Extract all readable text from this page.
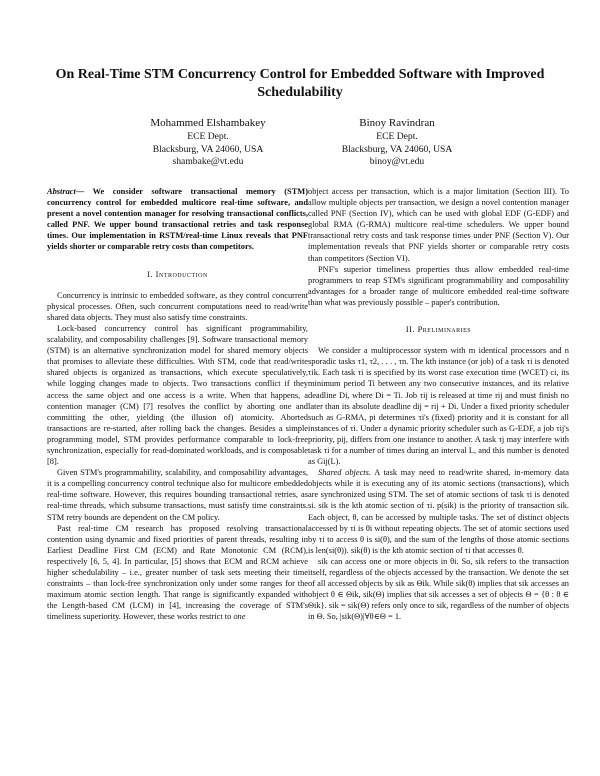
On Real-Time STM Concurrency Control for Embedded Software with Improved Schedulability
Mohammed Elshambakey
ECE Dept.
Blacksburg, VA 24060, USA
shambake@vt.edu
Binoy Ravindran
ECE Dept.
Blacksburg, VA 24060, USA
binoy@vt.edu

Abstract— We consider software transactional memory (STM) concurrency control for embedded multicore real-time software, and present a novel contention manager for resolving transactional conflicts, called PNF. We upper bound transactional retries and task response times. Our implementation in RSTM/real-time Linux reveals that PNF yields shorter or comparable retry costs than competitors.

I. Introduction

Concurrency is intrinsic to embedded software, as they control concurrent physical processes. Often, such concurrent computations need to read/write shared data objects. They must also satisfy time constraints.

Lock-based concurrency control has significant programmability, scalability, and composability challenges [9]. Software transactional memory (STM) is an alternative synchronization model for shared memory objects that promises to alleviate these difficulties. With STM, code that read/write shared objects is organized as transactions, which execute speculatively, while logging changes made to objects. Two transactions conflict if they access the same object and one access is a write. When that happens, a contention manager (CM) [7] resolves the conflict by aborting one and committing the other, yielding (the illusion of) atomicity. Aborted transactions are re-started, after rolling back the changes. Besides a simple programming model, STM provides performance comparable to lock-free synchronization, especially for read-dominated workloads, and is composable [8].

Given STM's programmability, scalability, and composability advantages, it is a compelling concurrency control technique also for multicore embedded real-time software. However, this requires bounding transactional retries, as real-time threads, which subsume transactions, must satisfy time constraints. STM retry bounds are dependent on the CM policy.

Past real-time CM research has proposed resolving transactional contention using dynamic and fixed priorities of parent threads, resulting in Earliest Deadline First CM (ECM) and Rate Monotonic CM (RCM), respectively [6, 5, 4]. In particular, [5] shows that ECM and RCM achieve higher schedulability – i.e., greater number of task sets meeting their time constraints – than lock-free synchronization only under some ranges for the maximum atomic section length. That range is significantly expanded with the Length-based CM (LCM) in [4], increasing the coverage of STM's timeliness superiority. However, these works restrict to one

object access per transaction, which is a major limitation (Section III). To allow multiple objects per transaction, we design a novel contention manager called PNF (Section IV), which can be used with global EDF (G-EDF) and global RMA (G-RMA) multicore real-time schedulers. We upper bound transactional retry costs and task response times under PNF (Section V). Our implementation reveals that PNF yields shorter or comparable retry costs than competitors (Section VI).

PNF's superior timeliness properties thus allow embedded real-time programmers to reap STM's significant programmability and composability advantages for a broader range of multicore embedded real-time software than what was previously possible – paper's contribution.

II. Preliminaries

We consider a multiprocessor system with m identical processors and n sporadic tasks τ1, τ2, . . . , τn. The kth instance (or job) of a task τi is denoted τik. Each task τi is specified by its worst case execution time (WCET) ci, its minimum period Ti between any two consecutive instances, and its relative deadline Di, where Di = Ti. Job τij is released at time rij and must finish no later than its absolute deadline dij = rij + Di. Under a fixed priority scheduler such as G-RMA, pi determines τi's (fixed) priority and it is constant for all instances of τi. Under a dynamic priority scheduler such as G-EDF, a job τij's priority, pij, differs from one instance to another. A task τj may interfere with task τi for a number of times during an interval L, and this number is denoted as Gij(L).

Shared objects. A task may need to read/write shared, in-memory data objects while it is executing any of its atomic sections (transactions), which are synchronized using STM. The set of atomic sections of task τi is denoted si. sik is the kth atomic section of τi. p(sik) is the priority of transaction sik. Each object, θ, can be accessed by multiple tasks. The set of distinct objects accessed by τi is θi without repeating objects. The set of atomic sections used by τi to access θ is si(θ), and the sum of the lengths of those atomic sections is len(si(θ)). sik(θ) is the kth atomic section of τi that accesses θ.

sik can access one or more objects in θi. So, sik refers to the transaction itself, regardless of the objects accessed by the transaction. We denote the set of all accessed objects by sik as Θik. While sik(θ) implies that sik accesses an object θ ∈ Θik, sik(Θ) implies that sik accesses a set of objects Θ = {θ : θ ∈ Θik}. sik = sik(Θ) refers only once to sik, regardless of the number of objects in Θ. So, |sik(Θ)|∀θ∈Θ = 1.
